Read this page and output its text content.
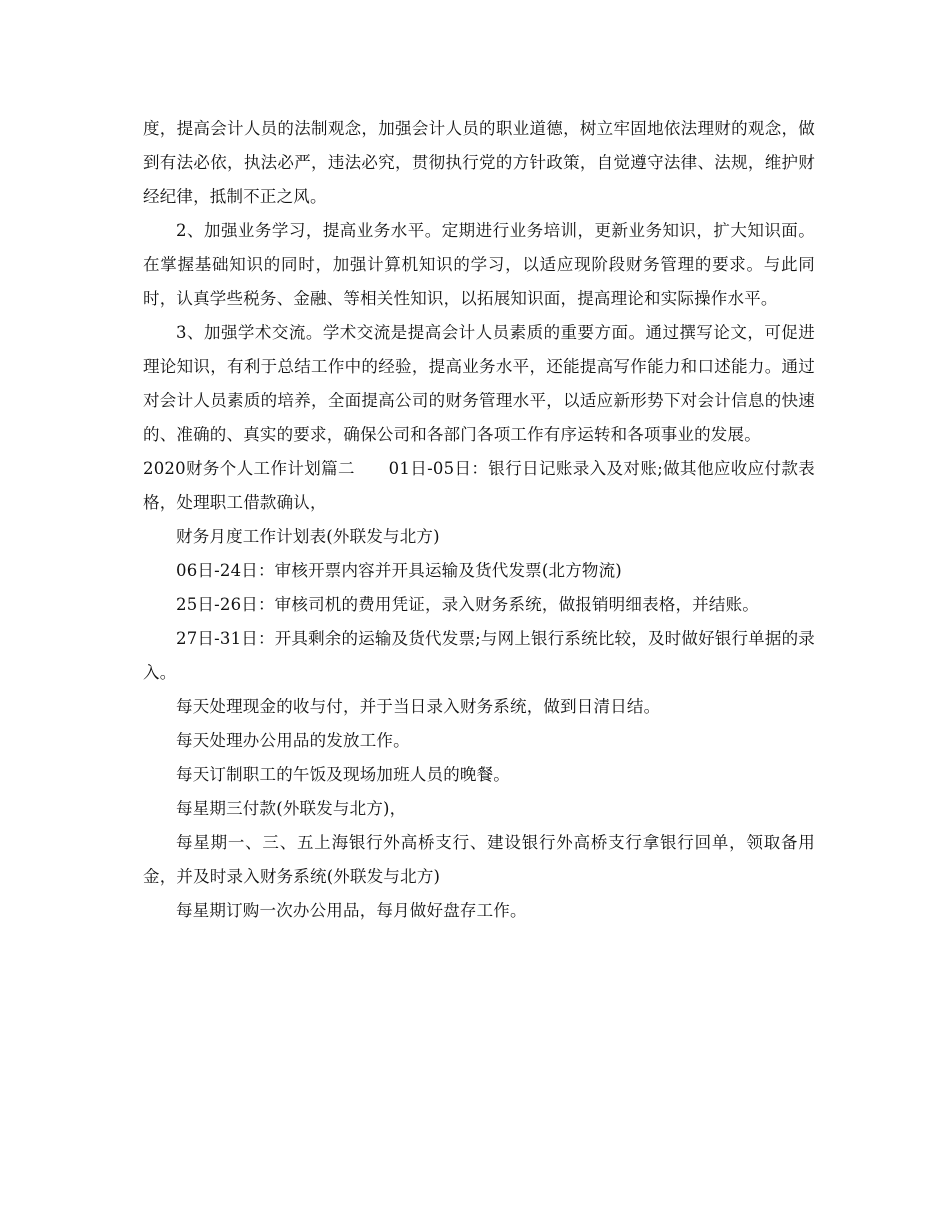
度，提高会计人员的法制观念，加强会计人员的职业道德，树立牢固地依法理财的观念，做到有法必依，执法必严，违法必究，贯彻执行党的方针政策，自觉遵守法律、法规，维护财经纪律，抵制不正之风。

2、加强业务学习，提高业务水平。定期进行业务培训，更新业务知识，扩大知识面。在掌握基础知识的同时，加强计算机知识的学习，以适应现阶段财务管理的要求。与此同时，认真学些税务、金融、等相关性知识，以拓展知识面，提高理论和实际操作水平。

3、加强学术交流。学术交流是提高会计人员素质的重要方面。通过撰写论文，可促进理论知识，有利于总结工作中的经验，提高业务水平，还能提高写作能力和口述能力。通过对会计人员素质的培养，全面提高公司的财务管理水平，以适应新形势下对会计信息的快速的、准确的、真实的要求，确保公司和各部门各项工作有序运转和各项事业的发展。

2020财务个人工作计划篇二　　01日-05日：银行日记账录入及对账;做其他应收应付款表格，处理职工借款确认，

财务月度工作计划表(外联发与北方)

06日-24日：审核开票内容并开具运输及货代发票(北方物流)

25日-26日：审核司机的费用凭证，录入财务系统，做报销明细表格，并结账。

27日-31日：开具剩余的运输及货代发票;与网上银行系统比较，及时做好银行单据的录入。

每天处理现金的收与付，并于当日录入财务系统，做到日清日结。

每天处理办公用品的发放工作。

每天订制职工的午饭及现场加班人员的晚餐。

每星期三付款(外联发与北方)，

每星期一、三、五上海银行外高桥支行、建设银行外高桥支行拿银行回单，领取备用金，并及时录入财务系统(外联发与北方)

每星期订购一次办公用品，每月做好盘存工作。
